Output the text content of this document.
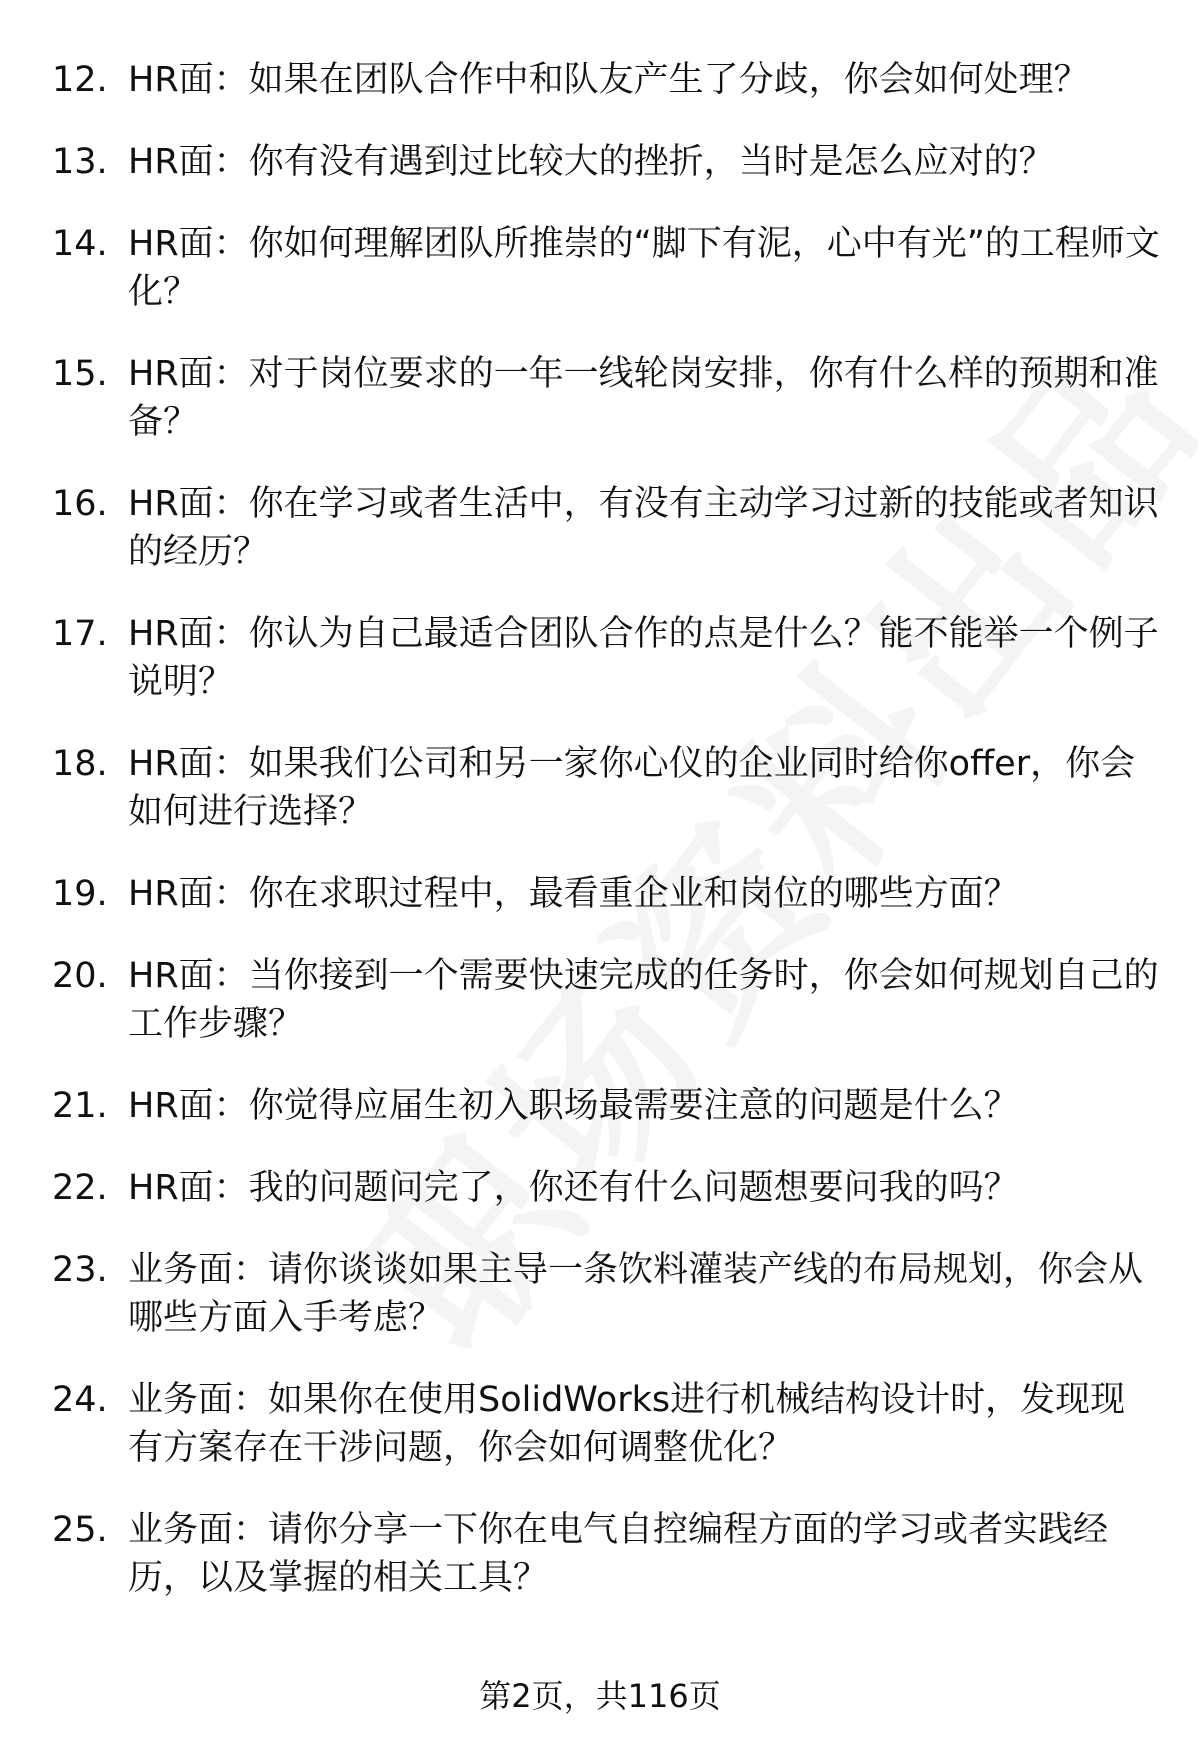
12. HR面：如果在团队合作中和队友产生了分歧，你会如何处理？
13. HR面：你有没有遇到过比较大的挫折，当时是怎么应对的？
14. HR面：你如何理解团队所推崇的“脚下有泥，心中有光”的工程师文化？
15. HR面：对于岗位要求的一年一线轮岗安排，你有什么样的预期和准备？
16. HR面：你在学习或者生活中，有没有主动学习过新的技能或者知识的经历？
17. HR面：你认为自己最适合团队合作的点是什么？能不能举一个例子说明？
18. HR面：如果我们公司和另一家你心仪的企业同时给你offer，你会如何进行选择？
19. HR面：你在求职过程中，最看重企业和岗位的哪些方面？
20. HR面：当你接到一个需要快速完成的任务时，你会如何规划自己的工作步骤？
21. HR面：你觉得应届生初入职场最需要注意的问题是什么？
22. HR面：我的问题问完了，你还有什么问题想要问我的吗？
23. 业务面：请你谈谈如果主导一条饮料灌装产线的布局规划，你会从哪些方面入手考虑？
24. 业务面：如果你在使用SolidWorks进行机械结构设计时，发现现有方案存在干涉问题，你会如何调整优化？
25. 业务面：请你分享一下你在电气自控编程方面的学习或者实践经历，以及掌握的相关工具？
第2页，共116页
